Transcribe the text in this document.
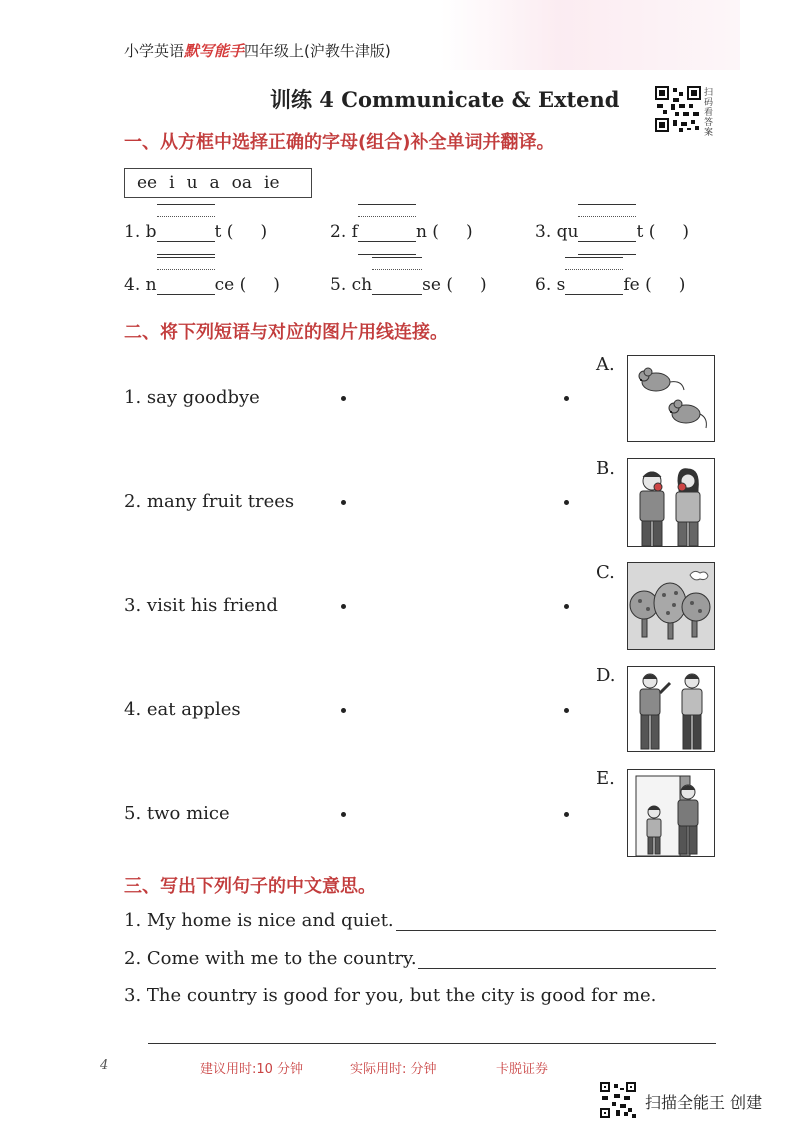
小学英语默写能手四年级上(沪教牛津版)
训练 4 Communicate & Extend	扫码看答案
一、从方框中选择正确的字母(组合)补全单词并翻译。
ee i u a oa ie
1. b	t ( )	2. f	n ( )	3. qu	t ( )
4. n	ce ( )	5. ch	se ( )	6. s	fe ( )
二、将下列短语与对应的图片用线连接。
1. say goodbye
2. many fruit trees
3. visit his friend
4. eat apples
5. two mice
A.
B.
C.
D.
E.
三、写出下列句子的中文意思。
1. My home is nice and quiet.
2. Come with me to the country.
3. The country is good for you, but the city is good for me.
4	建议用时:10 分钟	实际用时: 分钟	卡脱证券
扫描全能王 创建
